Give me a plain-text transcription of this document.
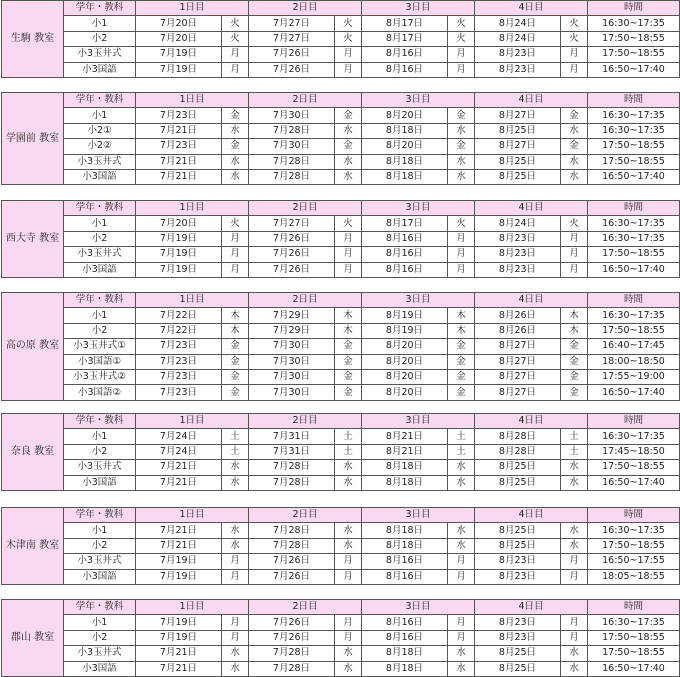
生駒 教室	学年・教科	1日目		2日目		3日目		4日目		時間
	小1	7月20日	火	7月27日	火	8月17日	火	8月24日	火	16:30~17:35
	小2	7月20日	火	7月27日	火	8月17日	火	8月24日	火	17:50~18:55
	小3玉井式	7月19日	月	7月26日	月	8月16日	月	8月23日	月	17:50~18:55
	小3国語	7月19日	月	7月26日	月	8月16日	月	8月23日	月	16:50~17:40
学園前 教室	学年・教科	1日目		2日目		3日目		4日目		時間
	小1	7月23日	金	7月30日	金	8月20日	金	8月27日	金	16:30~17:35
	小2①	7月21日	水	7月28日	水	8月18日	水	8月25日	水	16:30~17:35
	小2②	7月23日	金	7月30日	金	8月20日	金	8月27日	金	17:50~18:55
	小3玉井式	7月21日	水	7月28日	水	8月18日	水	8月25日	水	17:50~18:55
	小3国語	7月21日	水	7月28日	水	8月18日	水	8月25日	水	16:50~17:40
西大寺 教室	学年・教科	1日目		2日目		3日目		4日目		時間
	小1	7月20日	火	7月27日	火	8月17日	火	8月24日	火	16:30~17:35
	小2	7月19日	月	7月26日	月	8月16日	月	8月23日	月	16:30~17:35
	小3玉井式	7月19日	月	7月26日	月	8月16日	月	8月23日	月	17:50~18:55
	小3国語	7月19日	月	7月26日	月	8月16日	月	8月23日	月	16:50~17:40
高の原 教室	学年・教科	1日目		2日目		3日目		4日目		時間
	小1	7月22日	木	7月29日	木	8月19日	木	8月26日	木	16:30~17:35
	小2	7月22日	木	7月29日	木	8月19日	木	8月26日	木	17:50~18:55
	小3玉井式①	7月23日	金	7月30日	金	8月20日	金	8月27日	金	16:40~17:45
	小3国語①	7月23日	金	7月30日	金	8月20日	金	8月27日	金	18:00~18:50
	小3玉井式②	7月23日	金	7月30日	金	8月20日	金	8月27日	金	17:55~19:00
	小3国語②	7月23日	金	7月30日	金	8月20日	金	8月27日	金	16:50~17:40
奈良 教室	学年・教科	1日目		2日目		3日目		4日目		時間
	小1	7月24日	土	7月31日	土	8月21日	土	8月28日	土	16:30~17:35
	小2	7月24日	土	7月31日	土	8月21日	土	8月28日	土	17:45~18:50
	小3玉井式	7月21日	水	7月28日	水	8月18日	水	8月25日	水	17:50~18:55
	小3国語	7月21日	水	7月28日	水	8月18日	水	8月25日	水	16:50~17:40
木津南 教室	学年・教科	1日目		2日目		3日目		4日目		時間
	小1	7月21日	水	7月28日	水	8月18日	水	8月25日	水	16:30~17:35
	小2	7月21日	水	7月28日	水	8月18日	水	8月25日	水	17:50~18:55
	小3玉井式	7月19日	月	7月26日	月	8月16日	月	8月23日	月	16:50~17:55
	小3国語	7月19日	月	7月26日	月	8月16日	月	8月23日	月	18:05~18:55
郡山 教室	学年・教科	1日目		2日目		3日目		4日目		時間
	小1	7月19日	月	7月26日	月	8月16日	月	8月23日	月	16:30~17:35
	小2	7月19日	月	7月26日	月	8月16日	月	8月23日	月	17:50~18:55
	小3玉井式	7月21日	水	7月28日	水	8月18日	水	8月25日	水	17:50~18:55
	小3国語	7月21日	水	7月28日	水	8月18日	水	8月25日	水	16:50~17:40
